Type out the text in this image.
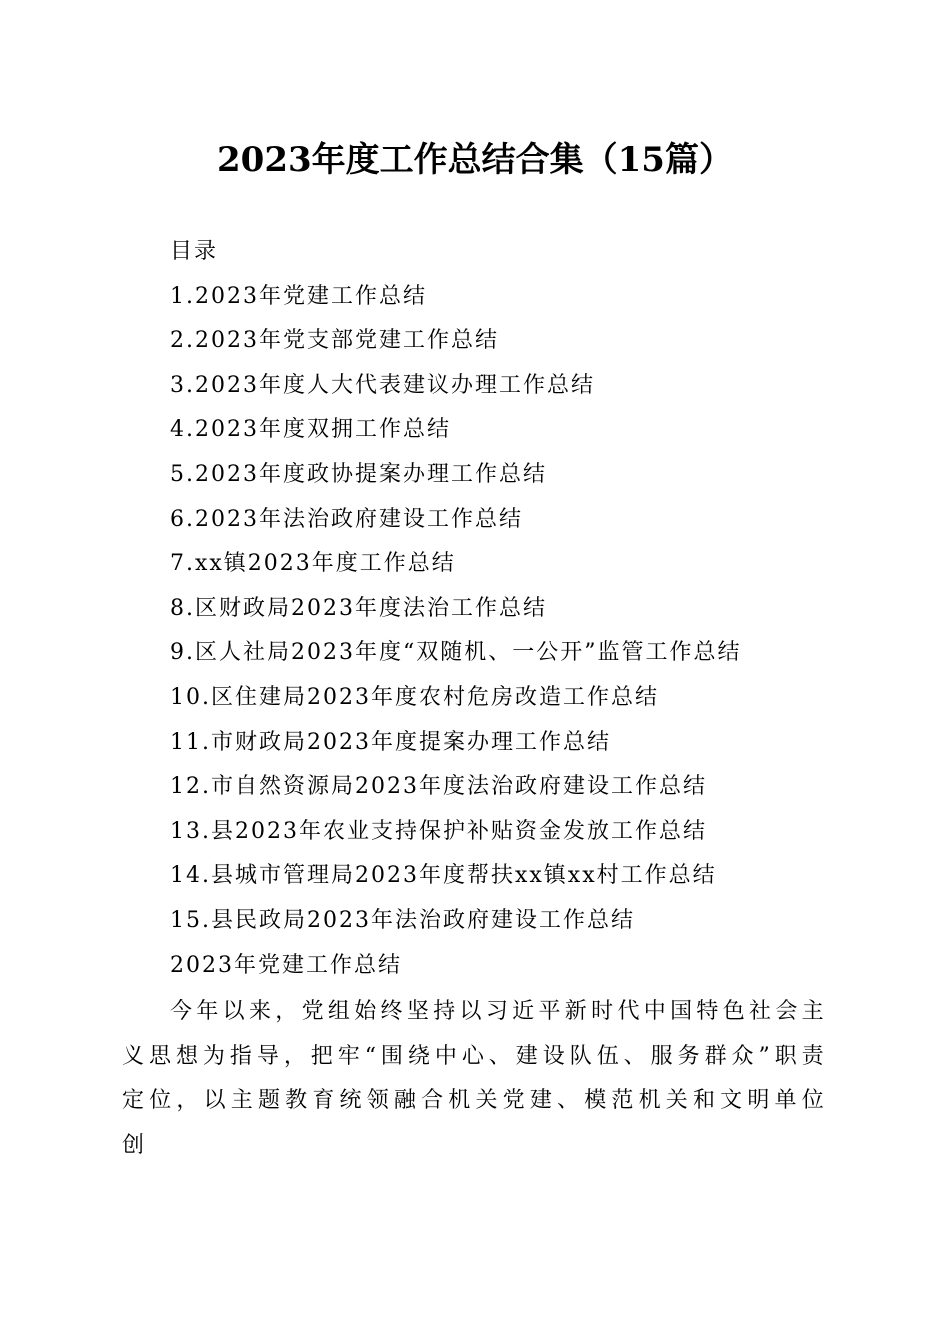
2023年度工作总结合集（15篇）
目录
1.2023年党建工作总结
2.2023年党支部党建工作总结
3.2023年度人大代表建议办理工作总结
4.2023年度双拥工作总结
5.2023年度政协提案办理工作总结
6.2023年法治政府建设工作总结
7.xx镇2023年度工作总结
8.区财政局2023年度法治工作总结
9.区人社局2023年度“双随机、一公开”监管工作总结
10.区住建局2023年度农村危房改造工作总结
11.市财政局2023年度提案办理工作总结
12.市自然资源局2023年度法治政府建设工作总结
13.县2023年农业支持保护补贴资金发放工作总结
14.县城市管理局2023年度帮扶xx镇xx村工作总结
15.县民政局2023年法治政府建设工作总结
2023年党建工作总结

今年以来，党组始终坚持以习近平新时代中国特色社会主义思想为指导，把牢“围绕中心、建设队伍、服务群众”职责定位，以主题教育统领融合机关党建、模范机关和文明单位创
